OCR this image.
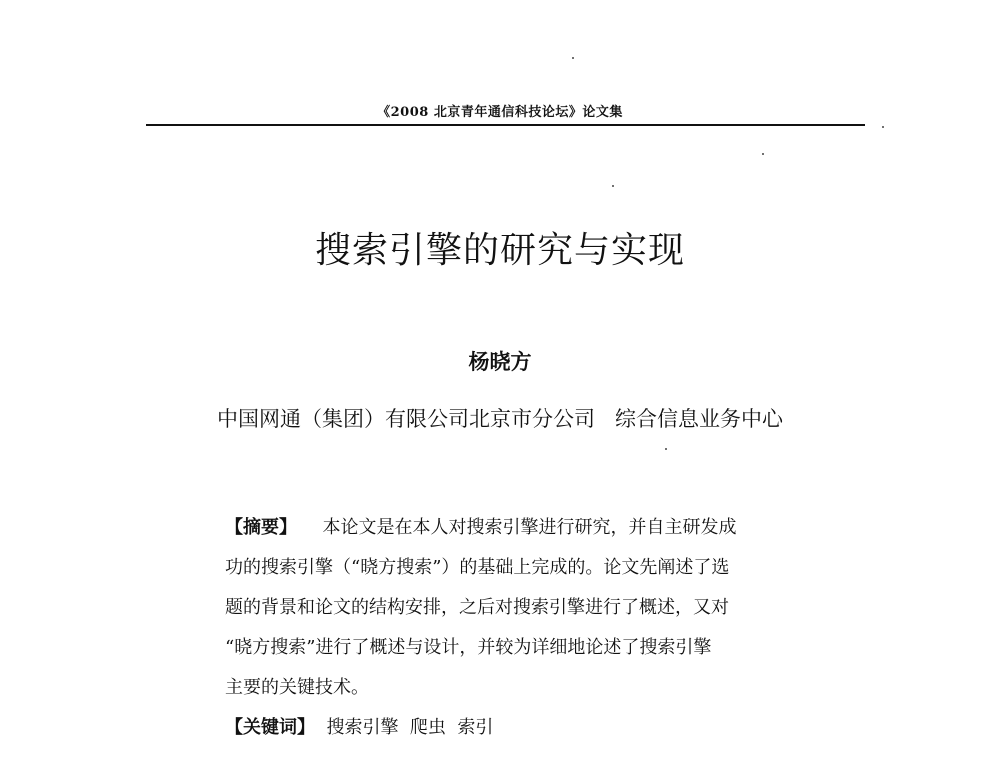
《2008 北京青年通信科技论坛》论文集
搜索引擎的研究与实现
杨晓方
中国网通（集团）有限公司北京市分公司 综合信息业务中心
【摘要】 本论文是在本人对搜索引擎进行研究，并自主研发成
功的搜索引擎（“晓方搜索”）的基础上完成的。论文先阐述了选
题的背景和论文的结构安排，之后对搜索引擎进行了概述，又对
“晓方搜索”进行了概述与设计，并较为详细地论述了搜索引擎
主要的关键技术。
【关键词】 搜索引擎 爬虫 索引
